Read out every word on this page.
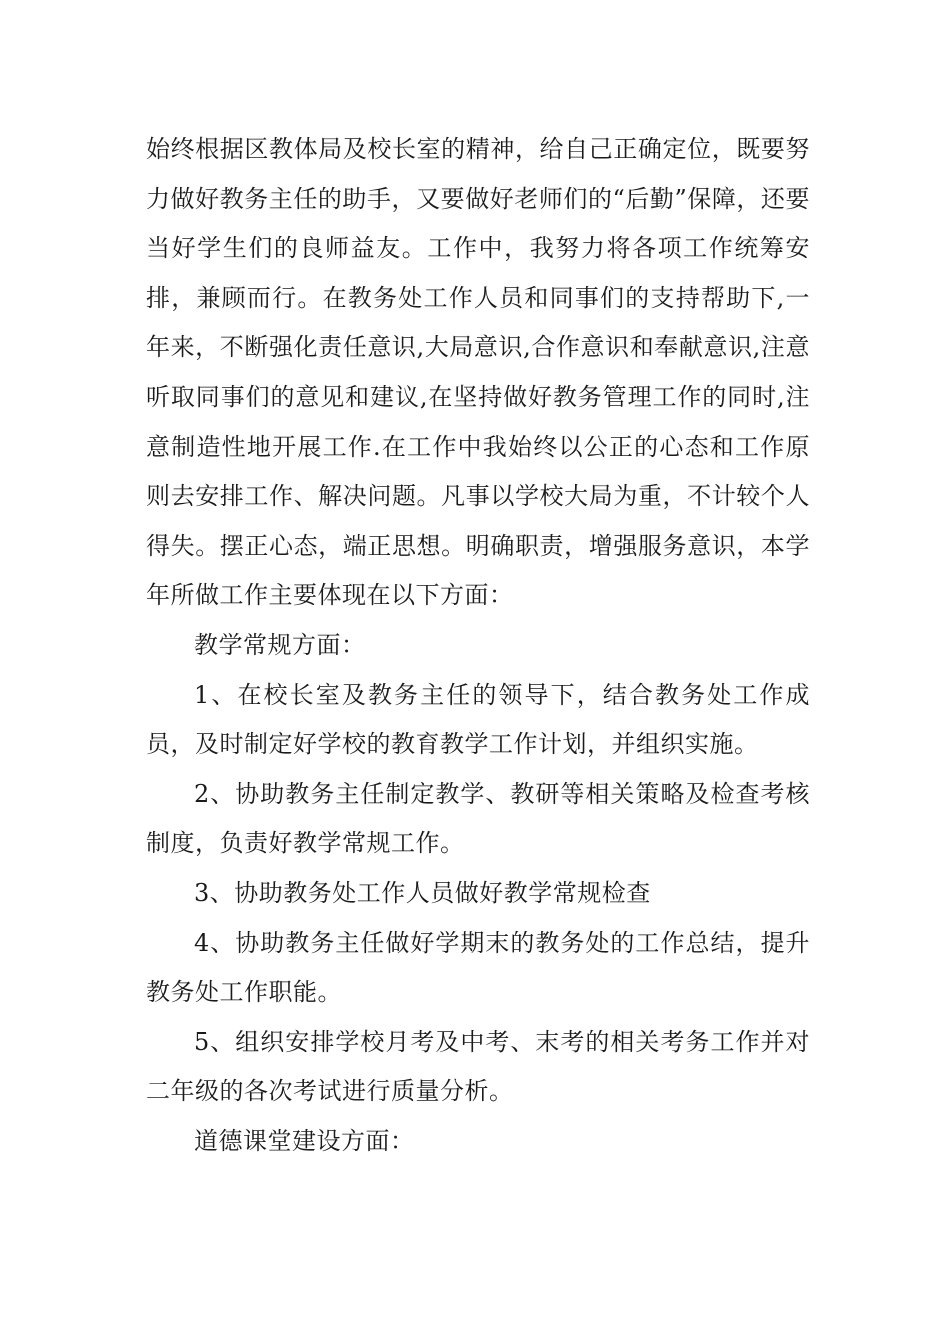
始终根据区教体局及校长室的精神，给自己正确定位，既要努力做好教务主任的助手，又要做好老师们的“后勤”保障，还要当好学生们的良师益友。工作中，我努力将各项工作统筹安排，兼顾而行。在教务处工作人员和同事们的支持帮助下,一年来，不断强化责任意识,大局意识,合作意识和奉献意识,注意听取同事们的意见和建议,在坚持做好教务管理工作的同时,注意制造性地开展工作.在工作中我始终以公正的心态和工作原则去安排工作、解决问题。凡事以学校大局为重，不计较个人得失。摆正心态，端正思想。明确职责，增强服务意识，本学年所做工作主要体现在以下方面：

教学常规方面：

1、在校长室及教务主任的领导下，结合教务处工作成员，及时制定好学校的教育教学工作计划，并组织实施。

2、协助教务主任制定教学、教研等相关策略及检查考核制度，负责好教学常规工作。

3、协助教务处工作人员做好教学常规检查

4、协助教务主任做好学期末的教务处的工作总结，提升教务处工作职能。

5、组织安排学校月考及中考、末考的相关考务工作并对二年级的各次考试进行质量分析。

道德课堂建设方面：
